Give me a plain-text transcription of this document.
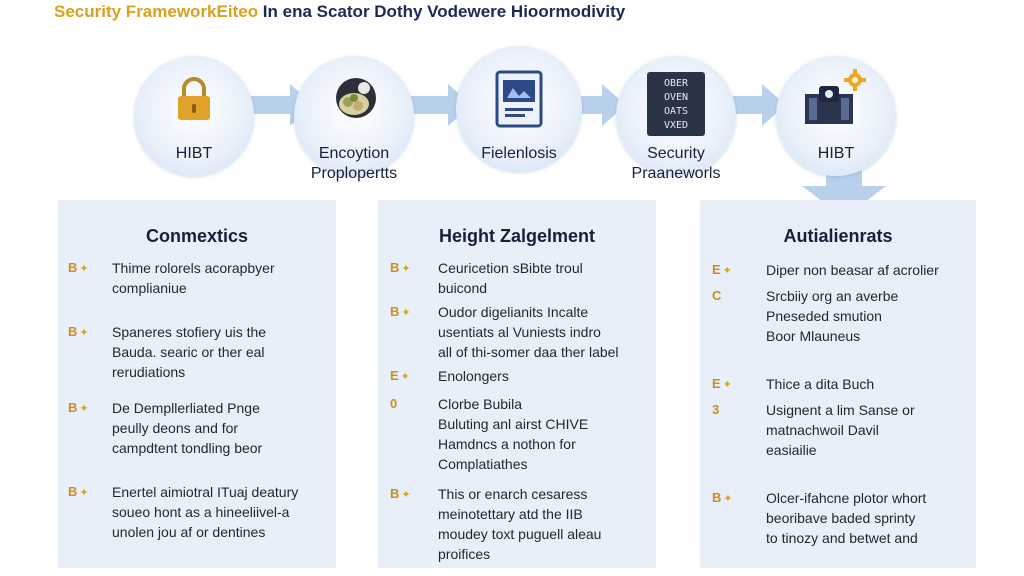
Security FrameworkEiteo In ena Scator Dothy Vodewere Hioormodivity
HIBT	Encoytion
Proplopertts
Fielenlosis
OBER
OVEN
OATS
VXED
Security
Praaneworls
HIBT
Conmextics
B ✦	Thime rolorels acorapbyer
complianiue
B ✦	Spaneres stofiery uis the
Bauda. searic or ther eal
rerudiations
B ✦	De Dempllerliated Pnge
peully deons and for
campdtent tondling beor
B ✦	Enertel aimiotral ITuaj deatury
soueo hont as a hineeliivel-a
unolen jou af or dentines
Height Zalgelment
B ✦	Ceuricetion sBibte troul
buicond
B ✦	Oudor digelianits Incalte
usentiats al Vuniests indro
all of thi-somer daa ther label
E ✦	Enolongers
0	Clorbe Bubila
Buluting anl airst CHIVE
Hamdncs a nothon for
Complatiathes
B ✦	This or enarch cesaress
meinotettary atd the IIB
moudey toxt puguell aleau
proifices
Autialienrats
E ✦	Diper non beasar af acrolier
C	Srcbiiy org an averbe
Pneseded smution
Boor Mlauneus
E ✦	Thice a dita Buch
3	Usignent a lim Sanse or
matnachwoil Davil
easiailie
B ✦	Olcer-ifahcne plotor whort
beoribave baded sprinty
to tinozy and betwet and
